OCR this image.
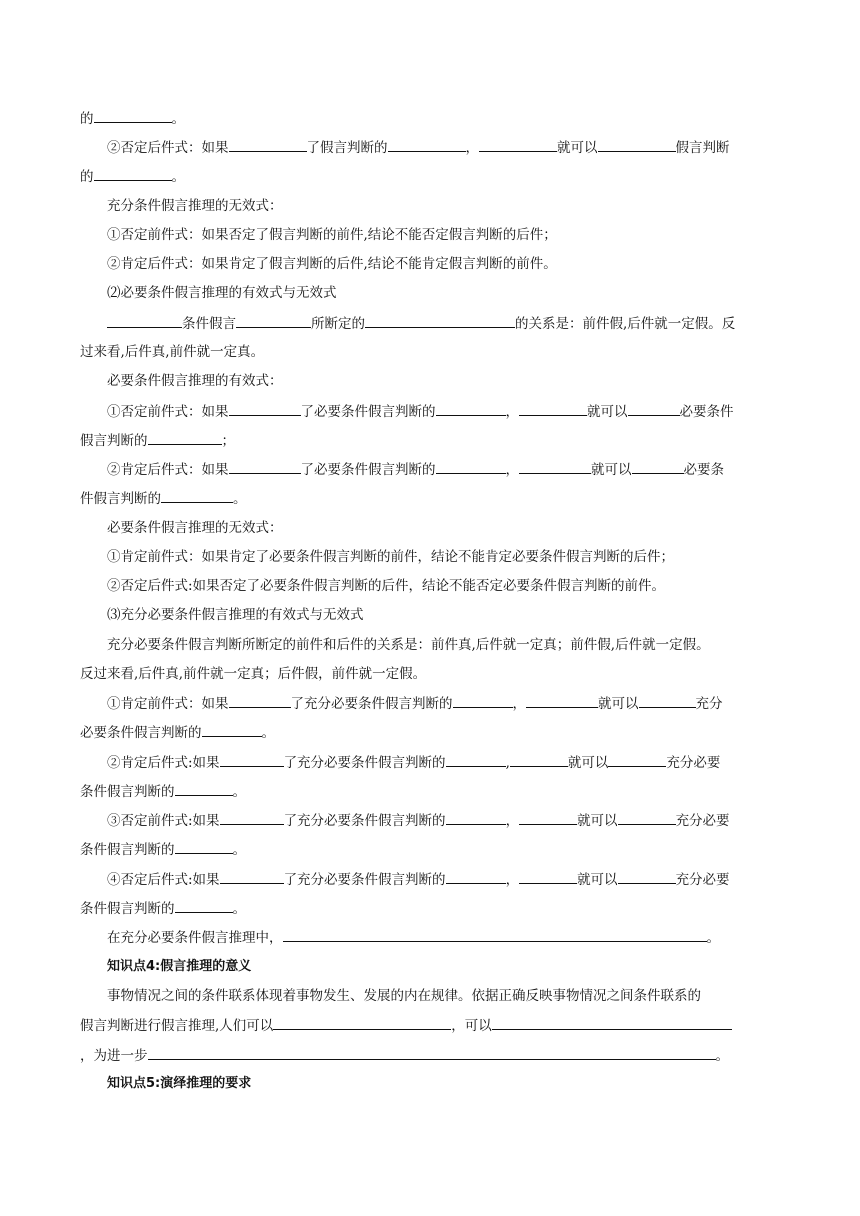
的	。
②否定后件式：如果	了假言判断的	，	就可以	假言判断
的	。
充分条件假言推理的无效式：
①否定前件式：如果否定了假言判断的前件,结论不能否定假言判断的后件；
②肯定后件式：如果肯定了假言判断的后件,结论不能肯定假言判断的前件。
⑵必要条件假言推理的有效式与无效式
条件假言	所断定的	的关系是：前件假,后件就一定假。反
过来看,后件真,前件就一定真。
必要条件假言推理的有效式：
①否定前件式：如果	了必要条件假言判断的	，	就可以	必要条件
假言判断的	；
②肯定后件式：如果	了必要条件假言判断的	，	就可以	必要条
件假言判断的	。
必要条件假言推理的无效式：
①肯定前件式：如果肯定了必要条件假言判断的前件，结论不能肯定必要条件假言判断的后件；
②否定后件式:如果否定了必要条件假言判断的后件，结论不能否定必要条件假言判断的前件。
⑶充分必要条件假言推理的有效式与无效式
充分必要条件假言判断所断定的前件和后件的关系是：前件真,后件就一定真；前件假,后件就一定假。
反过来看,后件真,前件就一定真；后件假，前件就一定假。
①肯定前件式：如果	了充分必要条件假言判断的	，	就可以	充分
必要条件假言判断的	。
②肯定后件式:如果	了充分必要条件假言判断的	,	就可以	充分必要
条件假言判断的	。
③否定前件式:如果	了充分必要条件假言判断的	，	就可以	充分必要
条件假言判断的	。
④否定后件式:如果	了充分必要条件假言判断的	，	就可以	充分必要
条件假言判断的	。
在充分必要条件假言推理中，	。
知识点4:假言推理的意义
事物情况之间的条件联系体现着事物发生、发展的内在规律。依据正确反映事物情况之间条件联系的
假言判断进行假言推理,人们可以	，可以
，为进一步	。
知识点5:演绎推理的要求
